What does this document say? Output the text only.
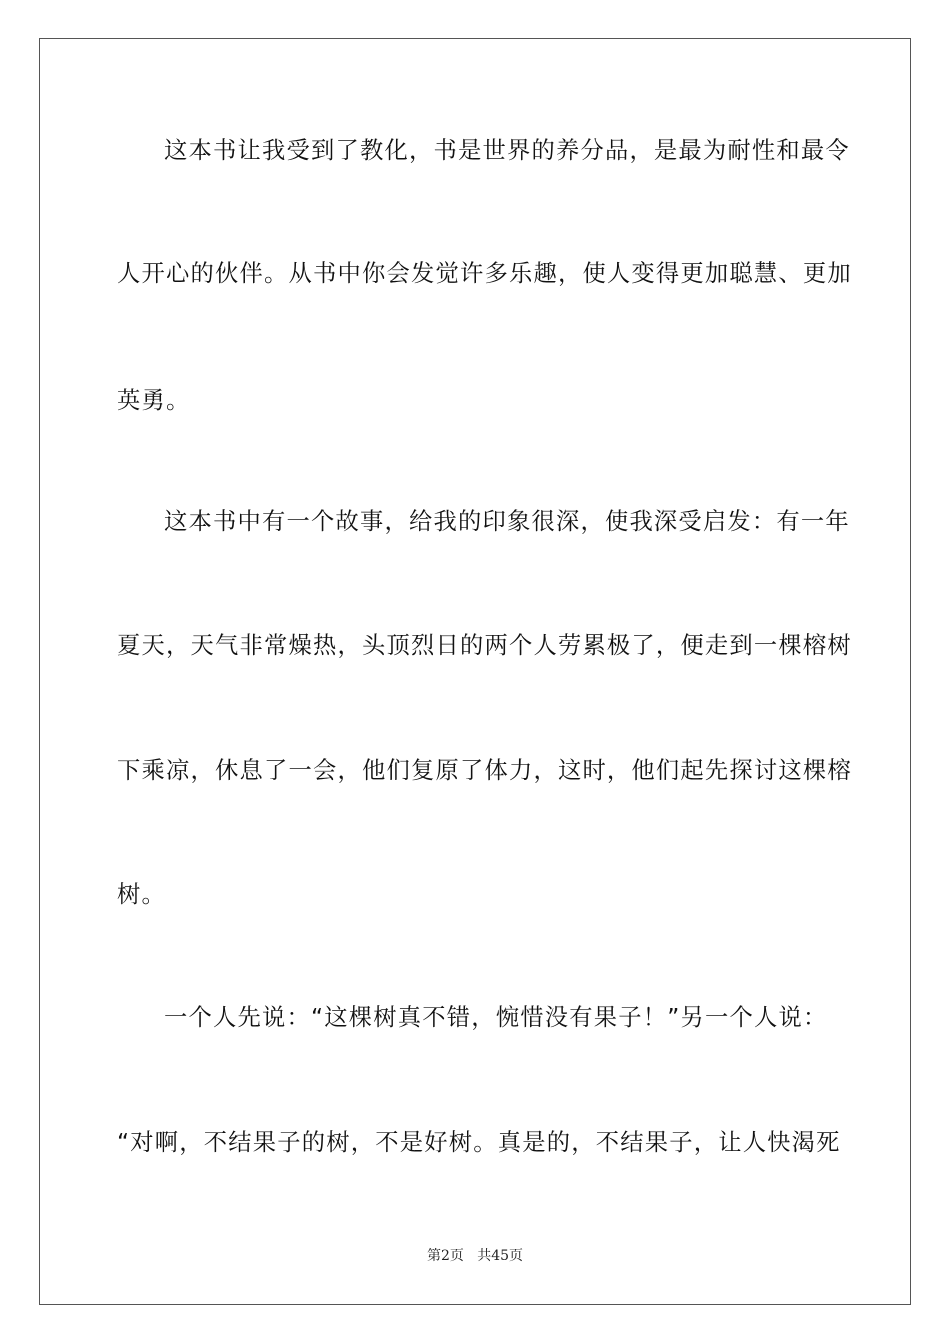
这本书让我受到了教化，书是世界的养分品，是最为耐性和最令
人开心的伙伴。从书中你会发觉许多乐趣，使人变得更加聪慧、更加
英勇。
这本书中有一个故事，给我的印象很深，使我深受启发：有一年
夏天，天气非常燥热，头顶烈日的两个人劳累极了，便走到一棵榕树
下乘凉，休息了一会，他们复原了体力，这时，他们起先探讨这棵榕
树。
一个人先说：“这棵树真不错，惋惜没有果子！”另一个人说：
“对啊，不结果子的树，不是好树。真是的，不结果子，让人快渴死
第2页   共45页
